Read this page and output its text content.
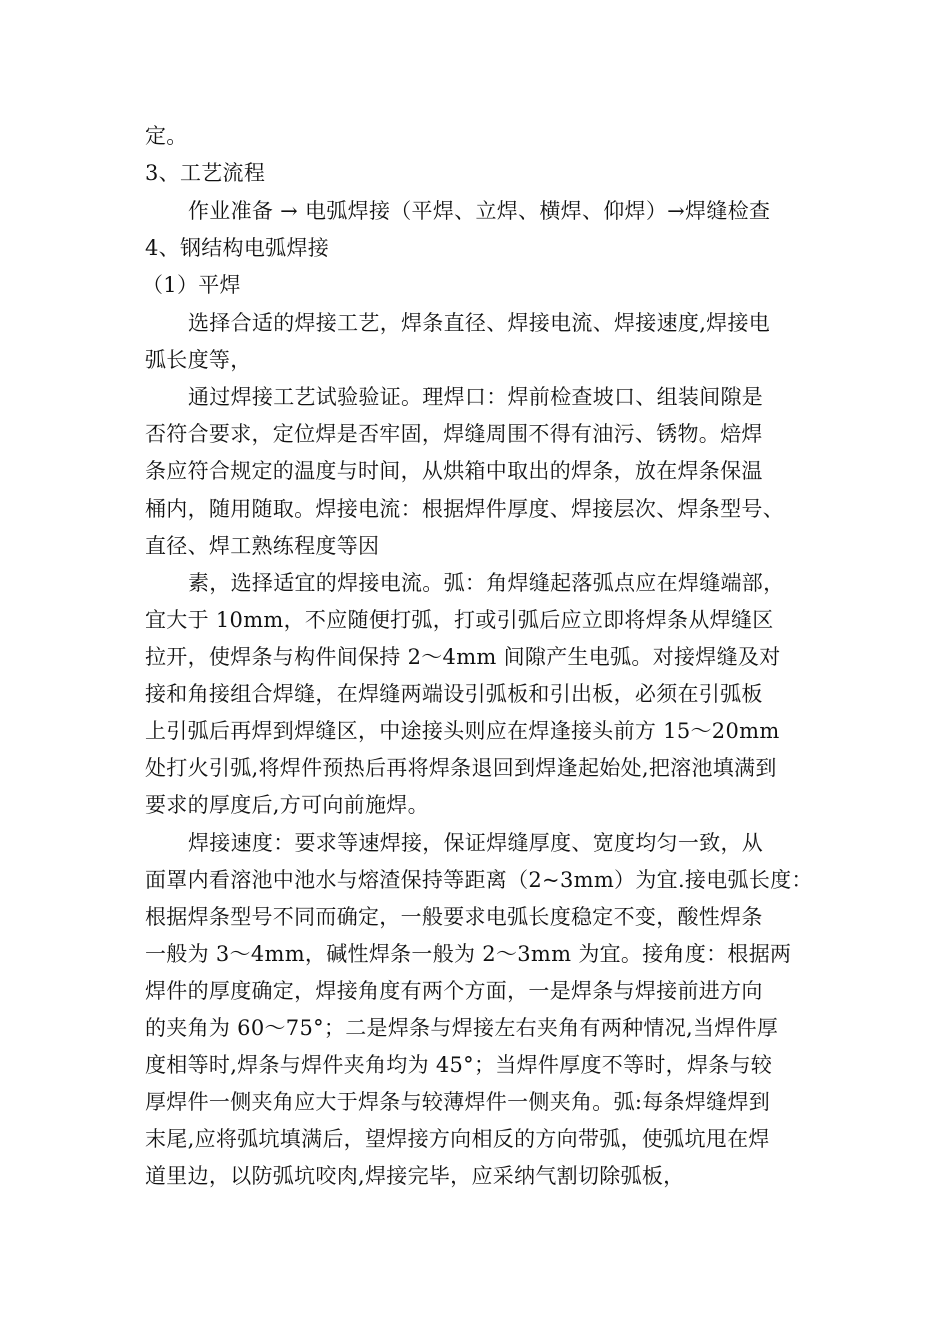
定。
3、工艺流程
作业准备 → 电弧焊接（平焊、立焊、横焊、仰焊）→焊缝检查
4、钢结构电弧焊接
（1）平焊
选择合适的焊接工艺，焊条直径、焊接电流、焊接速度,焊接电
弧长度等，
通过焊接工艺试验验证。理焊口：焊前检查坡口、组装间隙是
否符合要求，定位焊是否牢固，焊缝周围不得有油污、锈物。焙焊
条应符合规定的温度与时间，从烘箱中取出的焊条，放在焊条保温
桶内，随用随取。焊接电流：根据焊件厚度、焊接层次、焊条型号、
直径、焊工熟练程度等因
素，选择适宜的焊接电流。弧：角焊缝起落弧点应在焊缝端部，
宜大于 10mm，不应随便打弧，打或引弧后应立即将焊条从焊缝区
拉开，使焊条与构件间保持 2～4mm 间隙产生电弧。对接焊缝及对
接和角接组合焊缝，在焊缝两端设引弧板和引出板，必须在引弧板
上引弧后再焊到焊缝区，中途接头则应在焊逢接头前方 15～20mm
处打火引弧,将焊件预热后再将焊条退回到焊逢起始处,把溶池填满到
要求的厚度后,方可向前施焊。
焊接速度：要求等速焊接，保证焊缝厚度、宽度均匀一致，从
面罩内看溶池中池水与熔渣保持等距离（2~3mm）为宜.接电弧长度：
根据焊条型号不同而确定，一般要求电弧长度稳定不变，酸性焊条
一般为 3～4mm，碱性焊条一般为 2～3mm 为宜。接角度：根据两
焊件的厚度确定，焊接角度有两个方面，一是焊条与焊接前进方向
的夹角为 60～75°；二是焊条与焊接左右夹角有两种情况,当焊件厚
度相等时,焊条与焊件夹角均为 45°；当焊件厚度不等时，焊条与较
厚焊件一侧夹角应大于焊条与较薄焊件一侧夹角。弧:每条焊缝焊到
末尾,应将弧坑填满后，望焊接方向相反的方向带弧，使弧坑甩在焊
道里边，以防弧坑咬肉,焊接完毕，应采纳气割切除弧板，
